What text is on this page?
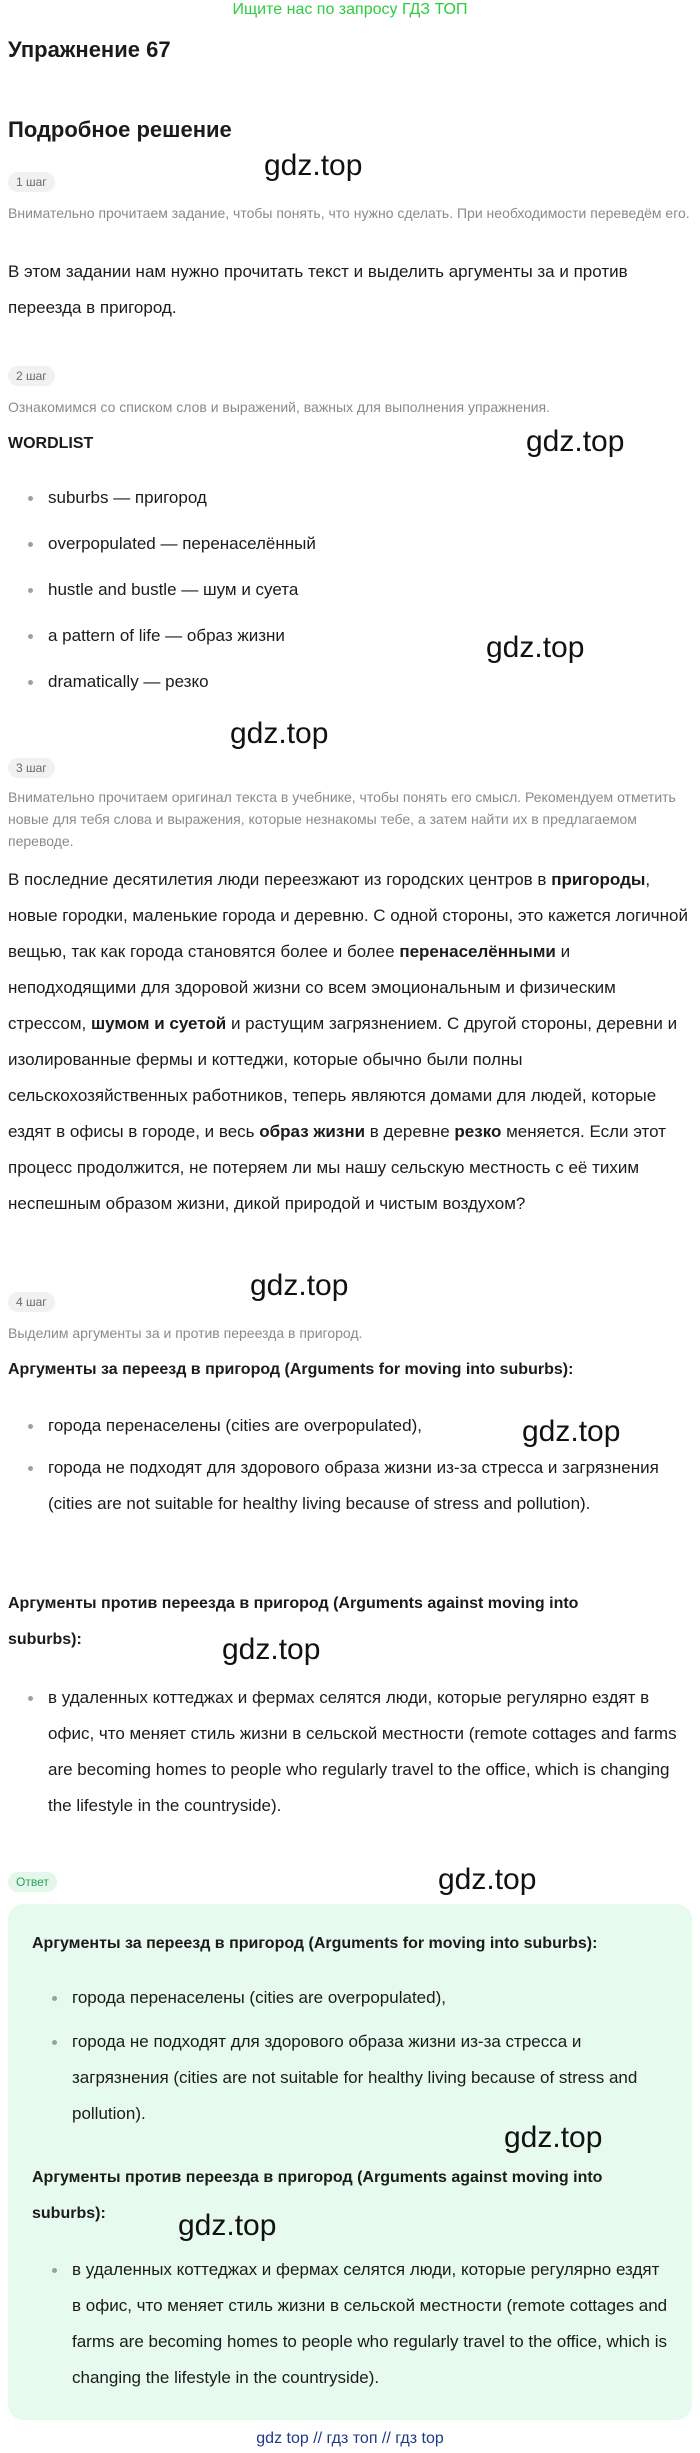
Ищите нас по запросу ГДЗ ТОП
Упражнение 67
Подробное решение
gdz.top
1 шаг
Внимательно прочитаем задание, чтобы понять, что нужно сделать. При необходимости переведём его.
В этом задании нам нужно прочитать текст и выделить аргументы за и против переезда в пригород.
2 шаг
Ознакомимся со списком слов и выражений, важных для выполнения упражнения.
WORDLIST	gdz.top
suburbs — пригород
overpopulated — перенаселённый
hustle and bustle — шум и суета
a pattern of life — образ жизни	gdz.top
dramatically — резко
gdz.top
3 шаг
Внимательно прочитаем оригинал текста в учебнике, чтобы понять его смысл. Рекомендуем отметить новые для тебя слова и выражения, которые незнакомы тебе, а затем найти их в предлагаемом переводе.
В последние десятилетия люди переезжают из городских центров в пригороды, новые городки, маленькие города и деревню. С одной стороны, это кажется логичной вещью, так как города становятся более и более перенаселёнными и неподходящими для здоровой жизни со всем эмоциональным и физическим стрессом, шумом и суетой и растущим загрязнением. С другой стороны, деревни и изолированные фермы и коттеджи, которые обычно были полны сельскохозяйственных работников, теперь являются домами для людей, которые ездят в офисы в городе, и весь образ жизни в деревне резко меняется. Если этот процесс продолжится, не потеряем ли мы нашу сельскую местность с её тихим неспешным образом жизни, дикой природой и чистым воздухом?
gdz.top
4 шаг
Выделим аргументы за и против переезда в пригород.
Аргументы за переезд в пригород (Arguments for moving into suburbs):
города перенаселены (cities are overpopulated),	gdz.top
города не подходят для здорового образа жизни из-за стресса и загрязнения (cities are not suitable for healthy living because of stress and pollution).
Аргументы против переезда в пригород (Arguments against moving into suburbs):	gdz.top
в удаленных коттеджах и фермах селятся люди, которые регулярно ездят в офис, что меняет стиль жизни в сельской местности (remote cottages and farms are becoming homes to people who regularly travel to the office, which is changing the lifestyle in the countryside).
Ответ	gdz.top
Аргументы за переезд в пригород (Arguments for moving into suburbs):
города перенаселены (cities are overpopulated),
города не подходят для здорового образа жизни из-за стресса и загрязнения (cities are not suitable for healthy living because of stress and pollution).
gdz.top
Аргументы против переезда в пригород (Arguments against moving into suburbs):	gdz.top
в удаленных коттеджах и фермах селятся люди, которые регулярно ездят в офис, что меняет стиль жизни в сельской местности (remote cottages and farms are becoming homes to people who regularly travel to the office, which is changing the lifestyle in the countryside).
gdz top // гдз топ // гдз top
